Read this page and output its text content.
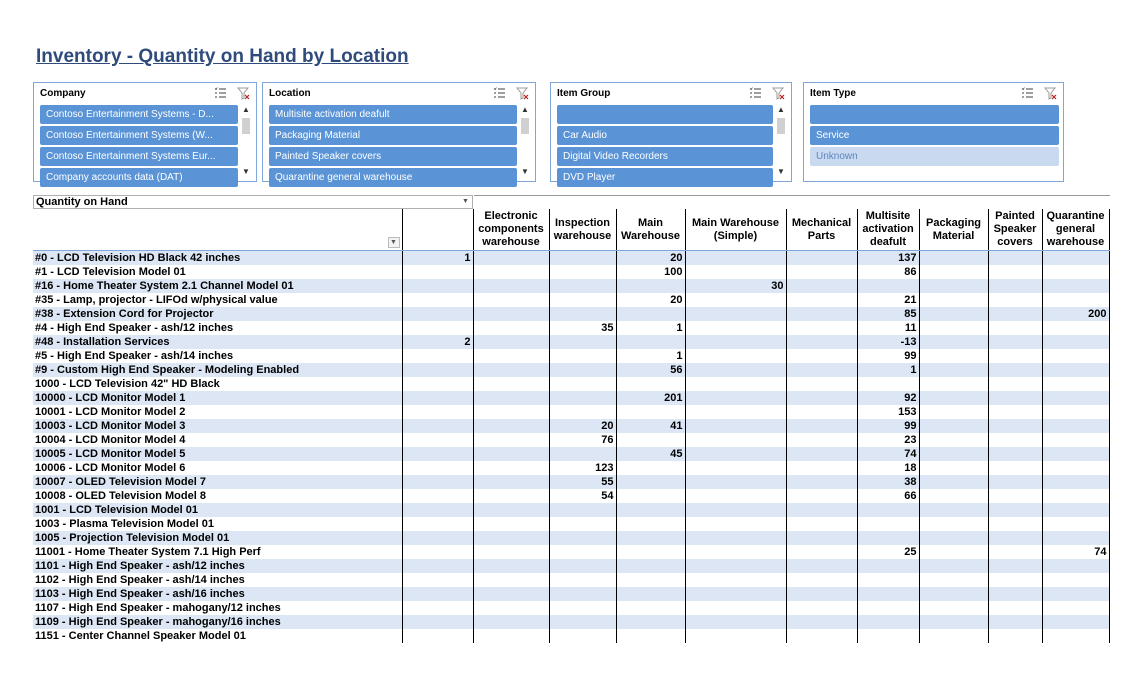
Inventory - Quantity on Hand by Location
Company
Contoso Entertainment Systems - D...
Contoso Entertainment Systems (W...
Contoso Entertainment Systems Eur...
Company accounts data (DAT)
▲
▼
Location
Multisite activation deafult
Packaging Material
Painted Speaker covers
Quarantine general warehouse
▲
▼
Item Group
Car Audio
Digital Video Recorders
DVD Player
▲
▼
Item Type
Service
Unknown
Quantity on Hand	▼
▼		Electronic components warehouse	Inspection warehouse	Main Warehouse	Main Warehouse (Simple)	Mechanical Parts	Multisite activation deafult	Packaging Material	Painted Speaker covers	Quarantine general warehouse
#0 - LCD Television HD Black 42 inches	1			20			137			
#1 - LCD Television Model 01				100			86			
#16 - Home Theater System 2.1 Channel Model 01					30					
#35 - Lamp, projector - LIFOd w/physical value				20			21			
#38 - Extension Cord for Projector							85			200
#4 - High End Speaker - ash/12 inches			35	1			11			
#48 - Installation Services	2						-13			
#5 - High End Speaker - ash/14 inches				1			99			
#9 - Custom High End Speaker - Modeling Enabled				56			1			
1000 - LCD Television 42" HD Black										
10000 - LCD Monitor Model 1				201			92			
10001 - LCD Monitor Model 2							153			
10003 - LCD Monitor Model 3			20	41			99			
10004 - LCD Monitor Model 4			76				23			
10005 - LCD Monitor Model 5				45			74			
10006 - LCD Monitor Model 6			123				18			
10007 - OLED Television Model 7			55				38			
10008 - OLED Television Model 8			54				66			
1001 - LCD Television Model 01										
1003 - Plasma Television Model 01										
1005 - Projection Television Model 01										
11001 - Home Theater System 7.1 High Perf							25			74
1101 - High End Speaker - ash/12 inches										
1102 - High End Speaker - ash/14 inches										
1103 - High End Speaker - ash/16 inches										
1107 - High End Speaker - mahogany/12 inches										
1109 - High End Speaker - mahogany/16 inches										
1151 - Center Channel Speaker Model 01										
